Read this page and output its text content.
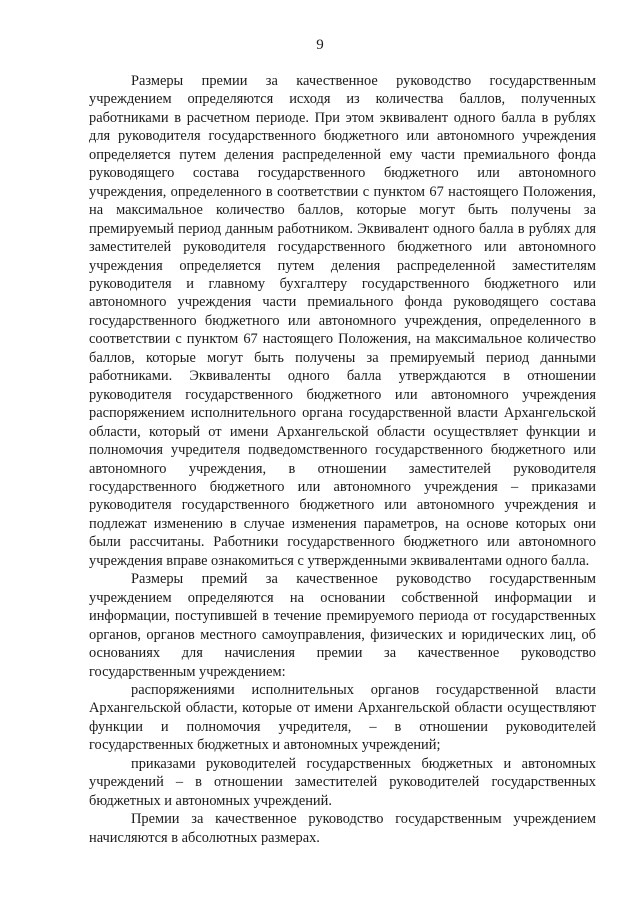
9

Размеры премии за качественное руководство государственным учреждением определяются исходя из количества баллов, полученных работниками в расчетном периоде. При этом эквивалент одного балла в рублях для руководителя государственного бюджетного или автономного учреждения определяется путем деления распределенной ему части премиального фонда руководящего состава государственного бюджетного или автономного учреждения, определенного в соответствии с пунктом 67 настоящего Положения, на максимальное количество баллов, которые могут быть получены за премируемый период данным работником. Эквивалент одного балла в рублях для заместителей руководителя государственного бюджетного или автономного учреждения определяется путем деления распределенной заместителям руководителя и главному бухгалтеру государственного бюджетного или автономного учреждения части премиального фонда руководящего состава государственного бюджетного или автономного учреждения, определенного в соответствии с пунктом 67 настоящего Положения, на максимальное количество баллов, которые могут быть получены за премируемый период данными работниками. Эквиваленты одного балла утверждаются в отношении руководителя государственного бюджетного или автономного учреждения распоряжением исполнительного органа государственной власти Архангельской области, который от имени Архангельской области осуществляет функции и полномочия учредителя подведомственного государственного бюджетного или автономного учреждения, в отношении заместителей руководителя государственного бюджетного или автономного учреждения – приказами руководителя государственного бюджетного или автономного учреждения и подлежат изменению в случае изменения параметров, на основе которых они были рассчитаны. Работники государственного бюджетного или автономного учреждения вправе ознакомиться с утвержденными эквивалентами одного балла.

Размеры премий за качественное руководство государственным учреждением определяются на основании собственной информации и информации, поступившей в течение премируемого периода от государственных органов, органов местного самоуправления, физических и юридических лиц, об основаниях для начисления премии за качественное руководство государственным учреждением:

распоряжениями исполнительных органов государственной власти Архангельской области, которые от имени Архангельской области осуществляют функции и полномочия учредителя, – в отношении руководителей государственных бюджетных и автономных учреждений;

приказами руководителей государственных бюджетных и автономных учреждений – в отношении заместителей руководителей государственных бюджетных и автономных учреждений.

Премии за качественное руководство государственным учреждением начисляются в абсолютных размерах.
